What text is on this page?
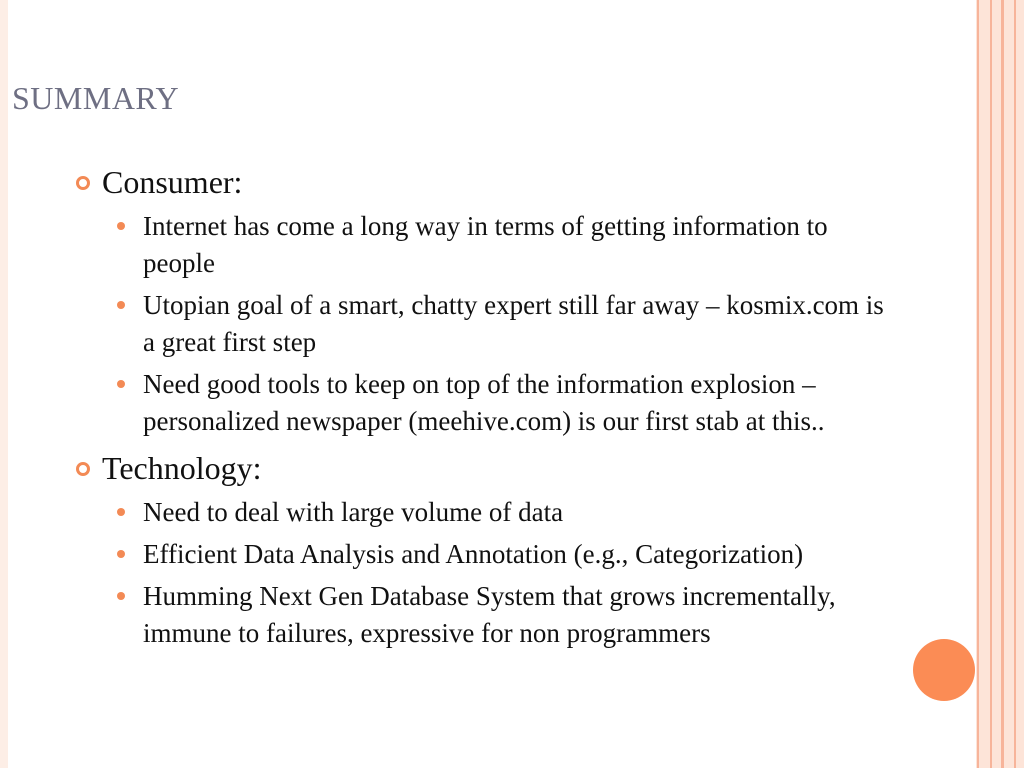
SUMMARY
Consumer:
Internet has come a long way in terms of getting information to people
Utopian goal of a smart, chatty expert still far away – kosmix.com is a great first step
Need good tools to keep on top of the information explosion – personalized newspaper (meehive.com) is our first stab at this..
Technology:
Need to deal with large volume of data
Efficient Data Analysis and Annotation (e.g., Categorization)
Humming Next Gen Database System that grows incrementally, immune to failures, expressive for non programmers
